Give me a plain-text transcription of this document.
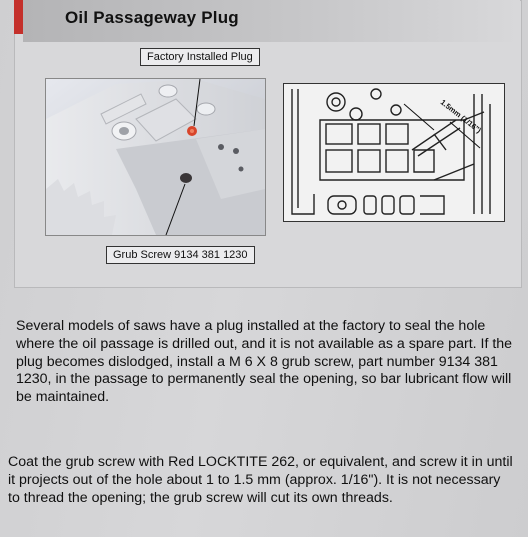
Oil Passageway Plug
1.5mm (1/16")
Factory Installed Plug
Grub Screw 9134 381 1230
Several models of saws have a plug installed at the factory to seal the hole where the oil passage is drilled out, and it is not available as a spare part. If the plug becomes dislodged, install a M 6 X 8 grub screw, part number 9134 381 1230, in the passage to permanently seal the opening, so bar lubricant flow will be maintained.
Coat the grub screw with Red LOCKTITE 262, or equivalent, and screw it in until it projects out of the hole about 1 to 1.5 mm (approx. 1/16"). It is not necessary to thread the opening; the grub screw will cut its own threads.
